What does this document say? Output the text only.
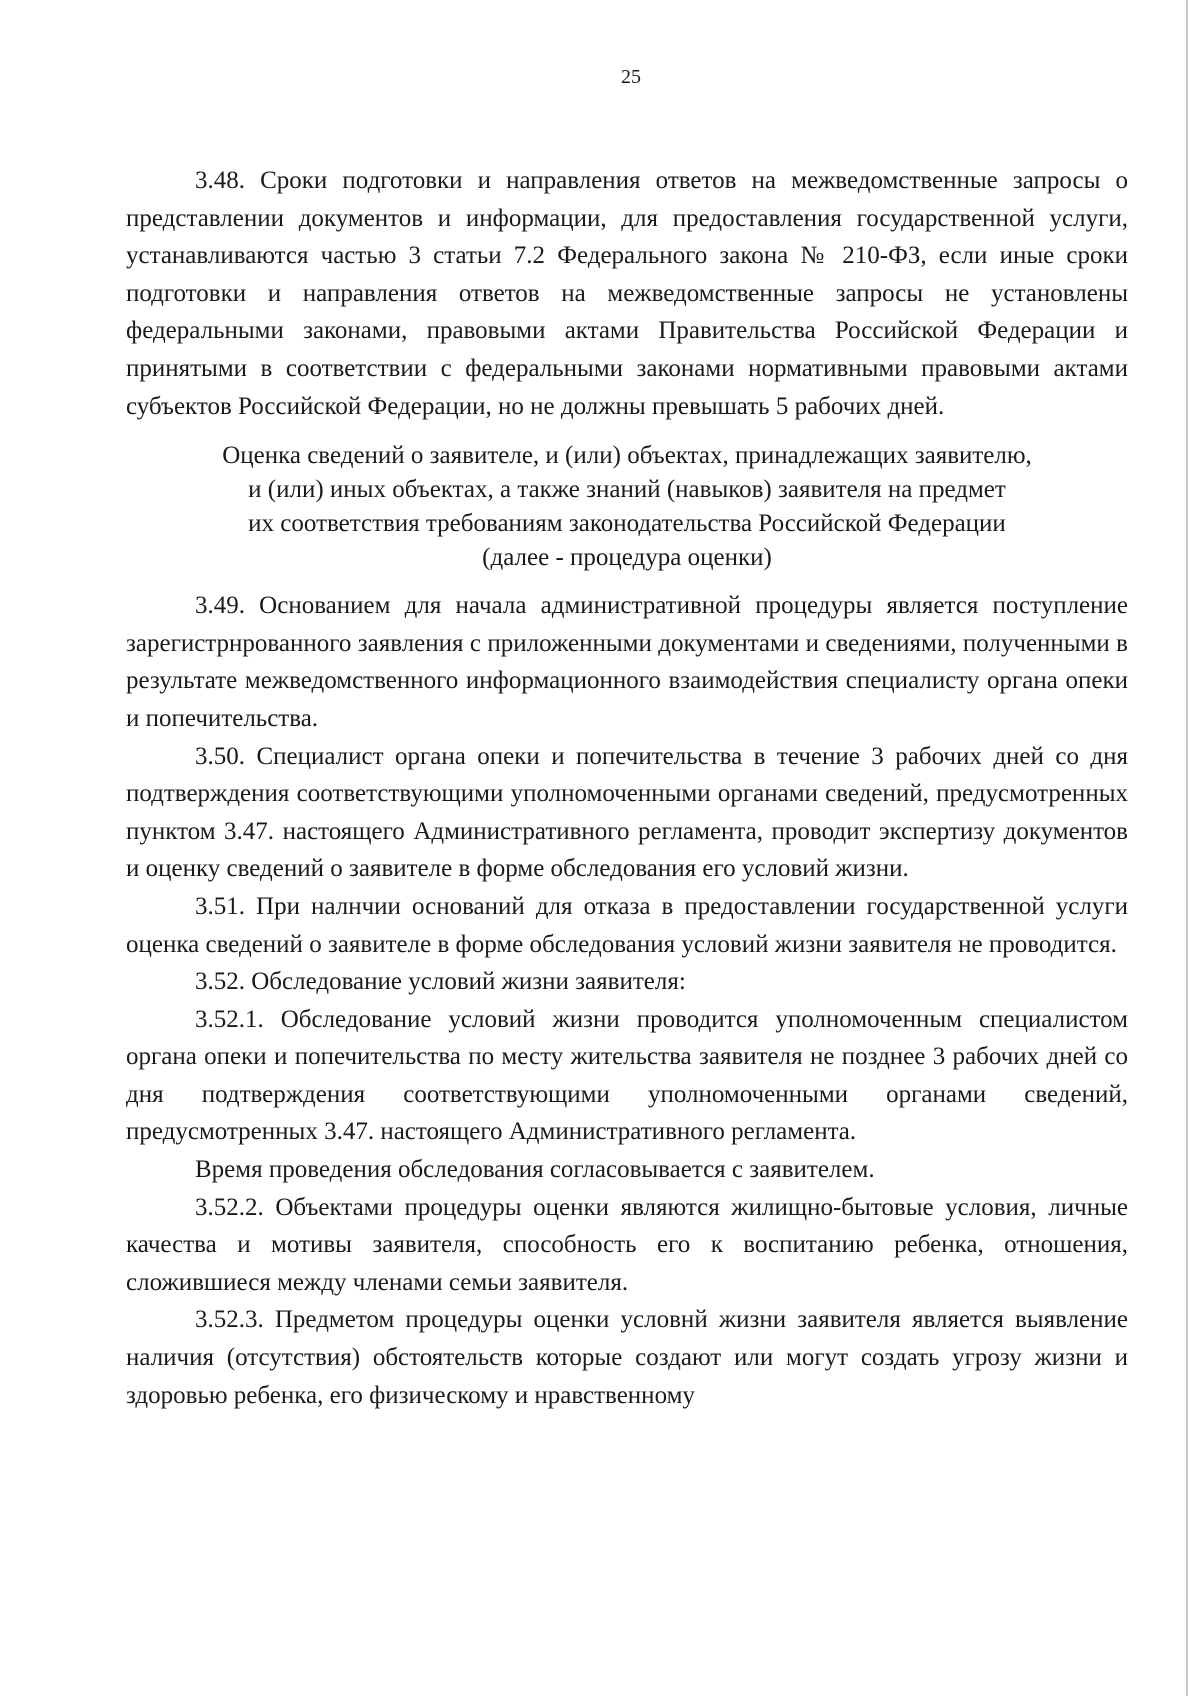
25

3.48. Сроки подготовки и направления ответов на межведомственные запросы о представлении документов и информации, для предоставления государственной услуги, устанавливаются частью 3 статьи 7.2 Федерального закона № 210-ФЗ, если иные сроки подготовки и направления ответов на межведомственные запросы не установлены федеральными законами, правовыми актами Правительства Российской Федерации и принятыми в соответствии с федеральными законами нормативными правовыми актами субъектов Российской Федерации, но не должны превышать 5 рабочих дней.

Оценка сведений о заявителе, и (или) объектах, принадлежащих заявителю,
и (или) иных объектах, а также знаний (навыков) заявителя на предмет
их соответствия требованиям законодательства Российской Федерации
(далее - процедура оценки)

3.49. Основанием для начала административной процедуры является поступление зарегистрнрованного заявления с приложенными документами и сведениями, полученными в результате межведомственного информационного взаимодействия специалисту органа опеки и попечительства.

3.50. Специалист органа опеки и попечительства в течение 3 рабочих дней со дня подтверждения соответствующими уполномоченными органами сведений, предусмотренных пунктом 3.47. настоящего Административного регламента, проводит экспертизу документов и оценку сведений о заявителе в форме обследования его условий жизни.

3.51. При налнчии оснований для отказа в предоставлении государственной услуги оценка сведений о заявителе в форме обследования условий жизни заявителя не проводится.

3.52. Обследование условий жизни заявителя:

3.52.1. Обследование условий жизни проводится уполномоченным специалистом органа опеки и попечительства по месту жительства заявителя не позднее 3 рабочих дней со дня подтверждения соответствующими уполномоченными органами сведений, предусмотренных 3.47. настоящего Административного регламента.

Время проведения обследования согласовывается с заявителем.

3.52.2. Объектами процедуры оценки являются жилищно-бытовые условия, личные качества и мотивы заявителя, способность его к воспитанию ребенка, отношения, сложившиеся между членами семьи заявителя.

3.52.3. Предметом процедуры оценки условнй жизни заявителя является выявление наличия (отсутствия) обстоятельств которые создают или могут создать угрозу жизни и здоровью ребенка, его физическому и нравственному
